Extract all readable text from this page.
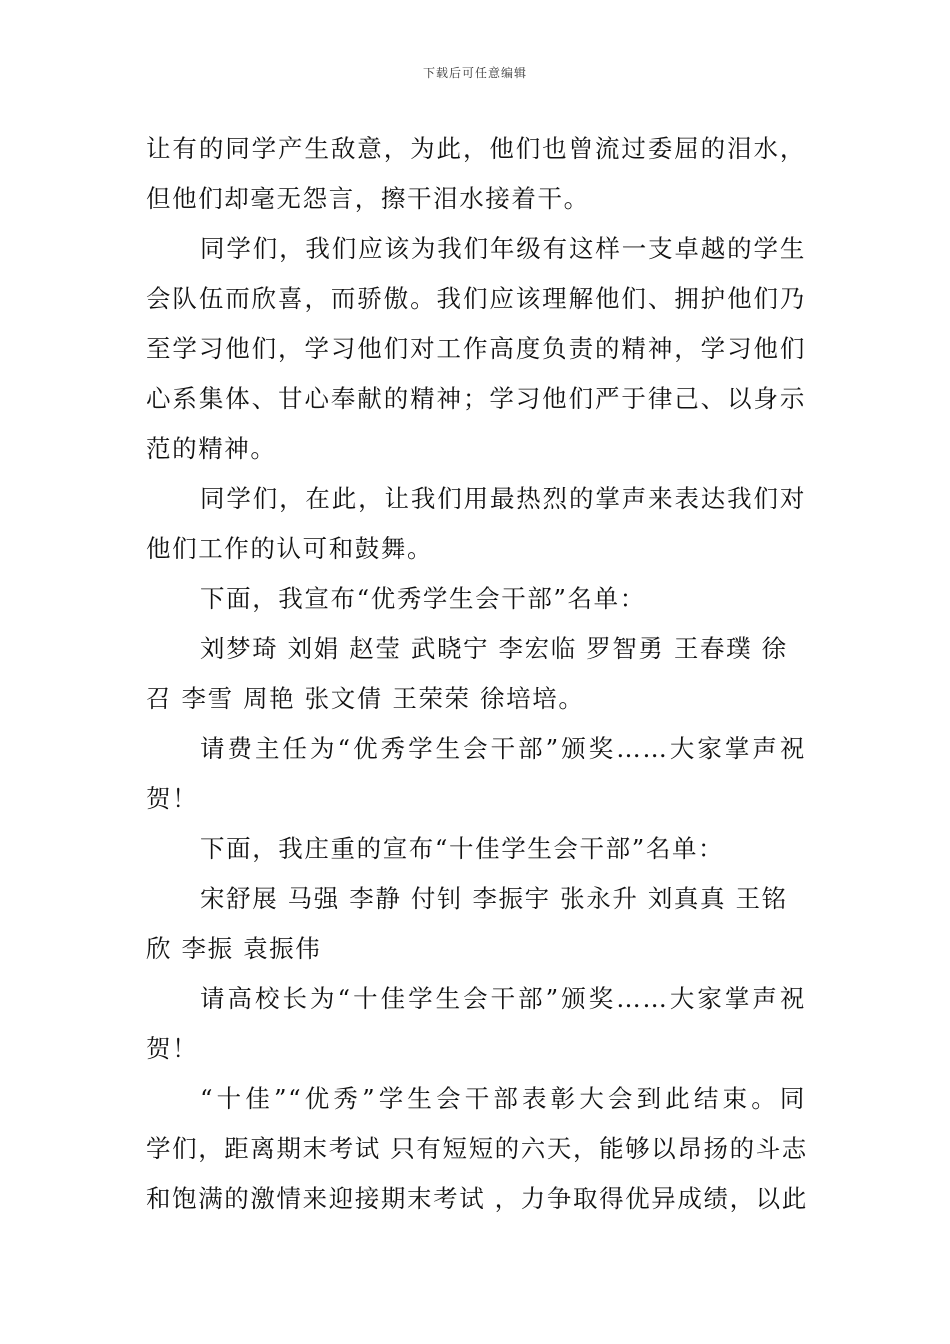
下载后可任意编辑
让有的同学产生敌意，为此，他们也曾流过委屈的泪水，
但他们却毫无怨言，擦干泪水接着干。
同学们，我们应该为我们年级有这样一支卓越的学生
会队伍而欣喜，而骄傲。我们应该理解他们、拥护他们乃
至学习他们，学习他们对工作高度负责的精神，学习他们
心系集体、甘心奉献的精神；学习他们严于律己、以身示
范的精神。
同学们，在此，让我们用最热烈的掌声来表达我们对
他们工作的认可和鼓舞。
下面，我宣布“优秀学生会干部”名单：
刘梦琦 刘娟 赵莹 武晓宁 李宏临 罗智勇 王春璞 徐
召 李雪 周艳 张文倩 王荣荣 徐培培。
请费主任为“优秀学生会干部”颁奖……大家掌声祝
贺！
下面，我庄重的宣布“十佳学生会干部”名单：
宋舒展 马强 李静 付钊 李振宇 张永升 刘真真 王铭
欣 李振 袁振伟
请高校长为“十佳学生会干部”颁奖……大家掌声祝
贺！
“十佳”“优秀”学生会干部表彰大会到此结束。同
学们，距离期末考试 只有短短的六天，能够以昂扬的斗志
和饱满的激情来迎接期末考试 ，力争取得优异成绩，以此
